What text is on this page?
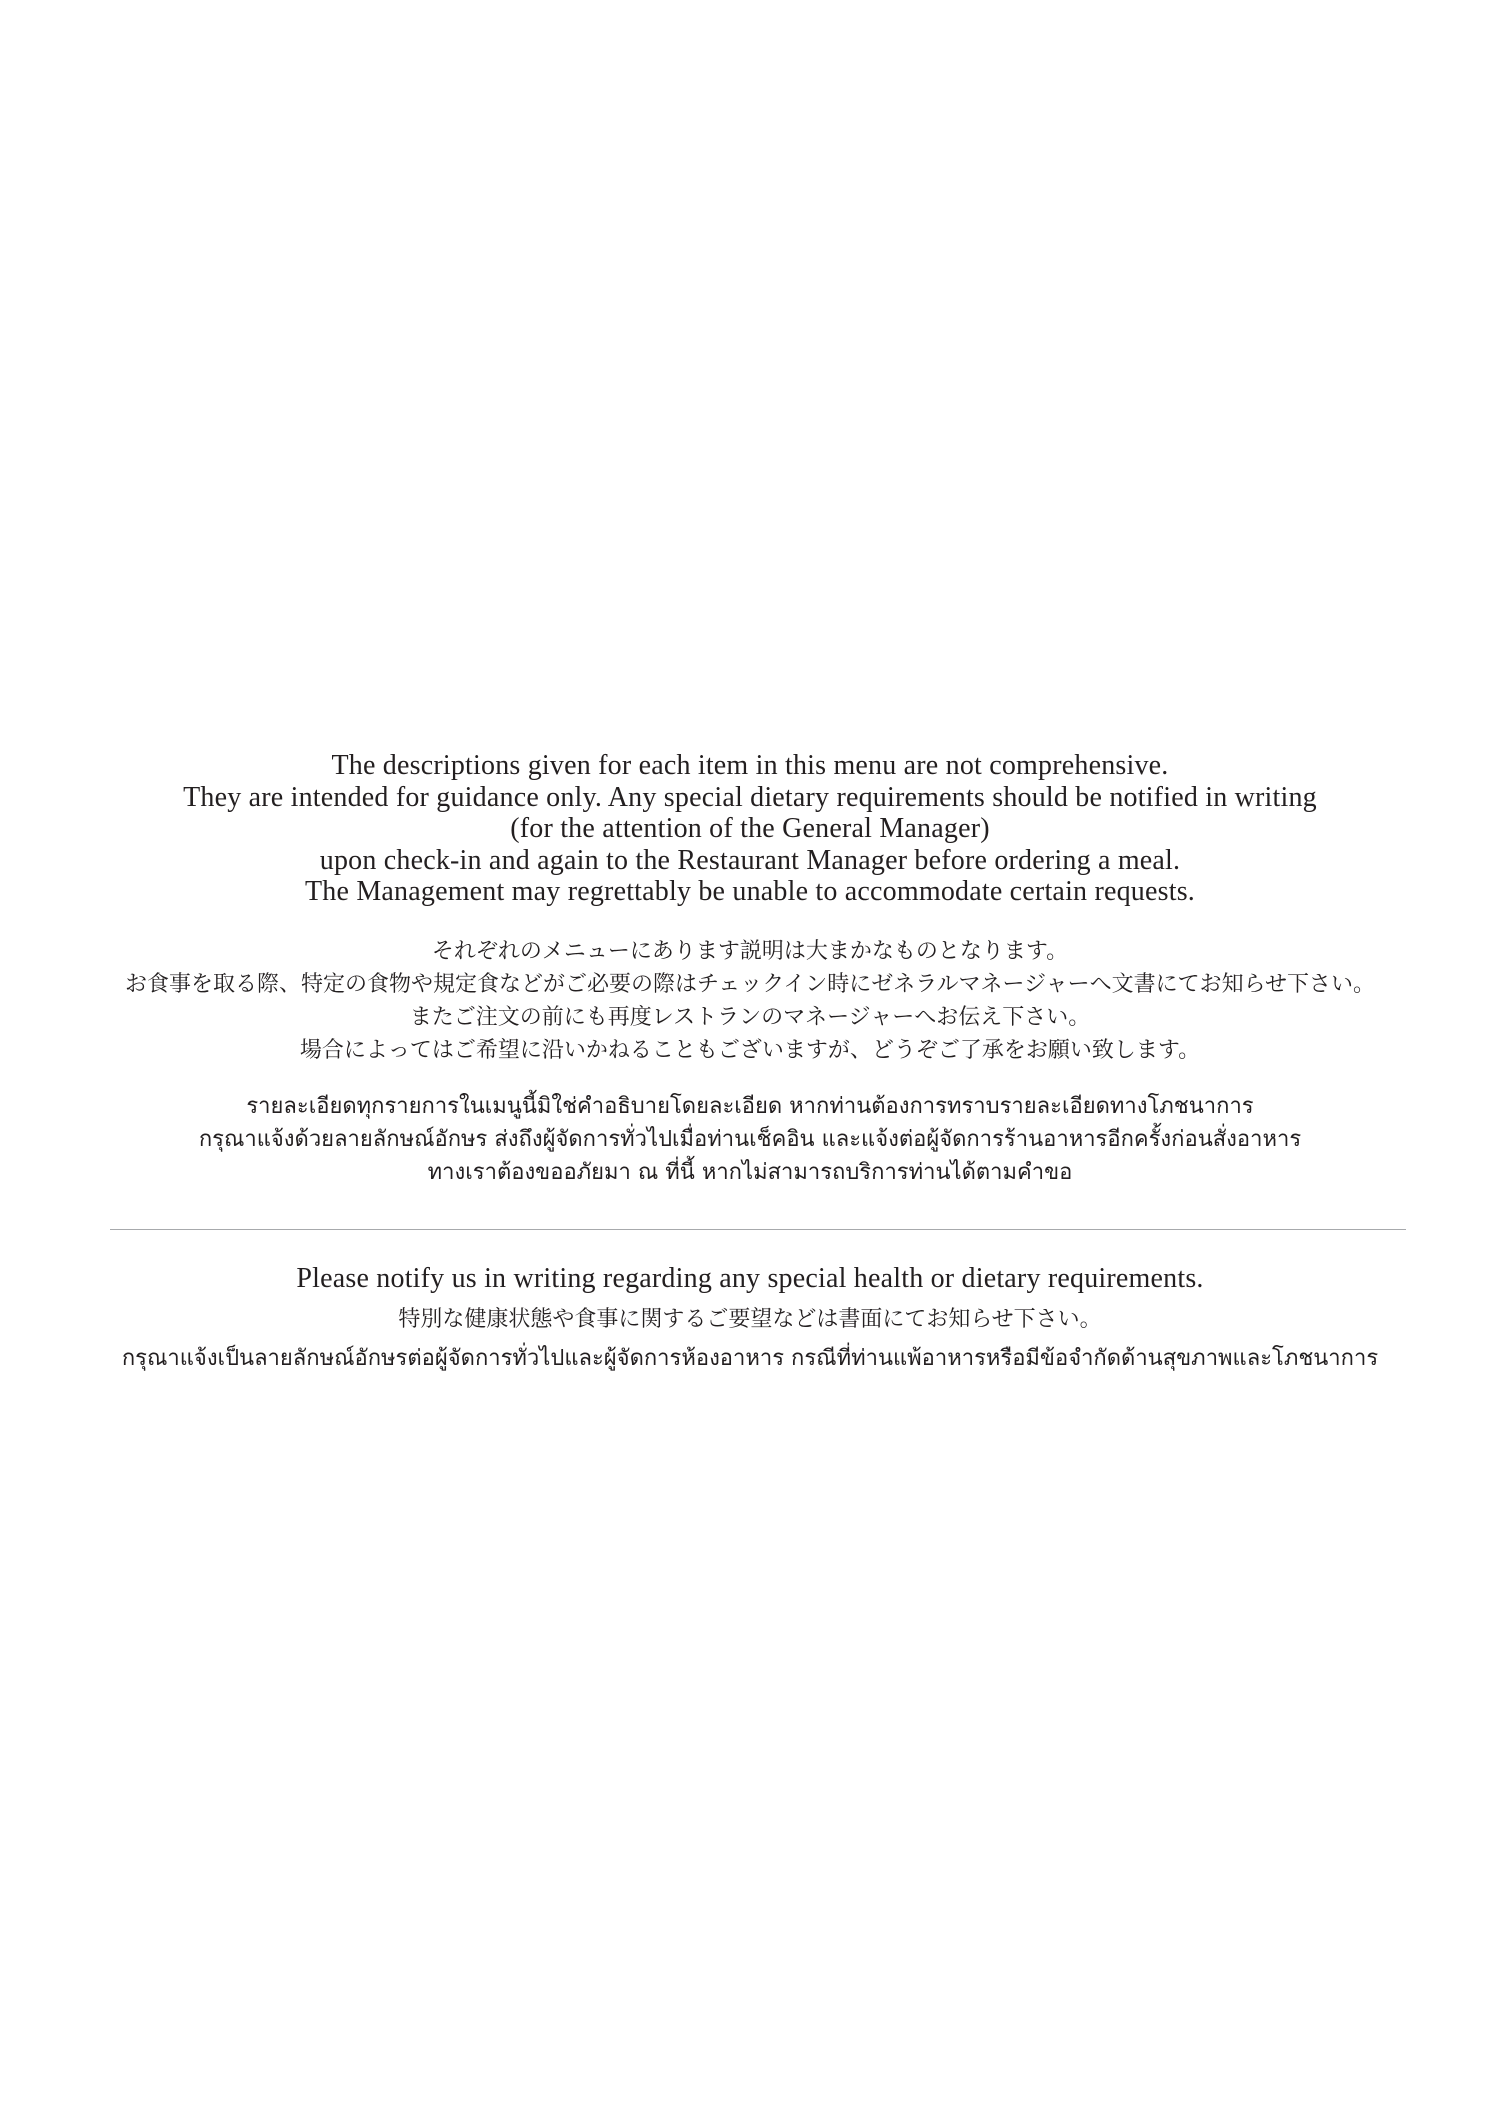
The descriptions given for each item in this menu are not comprehensive.
They are intended for guidance only. Any special dietary requirements should be notified in writing
(for the attention of the General Manager)
upon check-in and again to the Restaurant Manager before ordering a meal.
The Management may regrettably be unable to accommodate certain requests.
それぞれのメニューにあります説明は大まかなものとなります。
お食事を取る際、特定の食物や規定食などがご必要の際はチェックイン時にゼネラルマネージャーへ文書にてお知らせ下さい。
またご注文の前にも再度レストランのマネージャーへお伝え下さい。
場合によってはご希望に沿いかねることもございますが、どうぞご了承をお願い致します。
รายละเอียดทุกรายการในเมนูนี้มิใช่คำอธิบายโดยละเอียด หากท่านต้องการทราบรายละเอียดทางโภชนาการ
กรุณาแจ้งด้วยลายลักษณ์อักษร ส่งถึงผู้จัดการทั่วไปเมื่อท่านเช็คอิน และแจ้งต่อผู้จัดการร้านอาหารอีกครั้งก่อนสั่งอาหาร
ทางเราต้องขออภัยมา ณ ที่นี้ หากไม่สามารถบริการท่านได้ตามคำขอ

Please notify us in writing regarding any special health or dietary requirements.

特別な健康状態や食事に関するご要望などは書面にてお知らせ下さい。

กรุณาแจ้งเป็นลายลักษณ์อักษรต่อผู้จัดการทั่วไปและผู้จัดการห้องอาหาร กรณีที่ท่านแพ้อาหารหรือมีข้อจำกัดด้านสุขภาพและโภชนาการ
